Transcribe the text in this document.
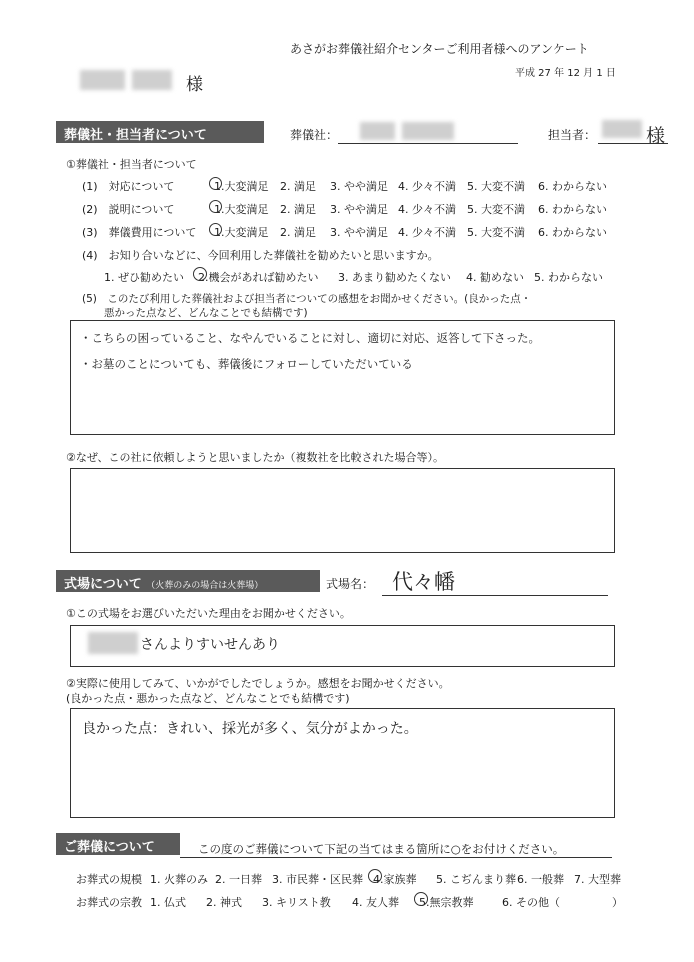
あさがお葬儀社紹介センターご利用者様へのアンケート
平成 27 年 12 月 1 日
様
葬儀社・担当者について	葬儀社：	担当者：	様
①葬儀社・担当者について
(1)　対応について	1.大変満足 2. 満足 3. やや満足 4. 少々不満 5. 大変不満 6. わからない
(2)　説明について	1.大変満足 2. 満足 3. やや満足 4. 少々不満 5. 大変不満 6. わからない
(3)　葬儀費用について 1.大変満足 2. 満足 3. やや満足 4. 少々不満 5. 大変不満 6. わからない
(4)　お知り合いなどに、今回利用した葬儀社を勧めたいと思いますか。
1. ぜひ勧めたい 2.機会があれば勧めたい 3. あまり勧めたくない 4. 勧めない 5. わからない
(5)　このたび利用した葬儀社および担当者についての感想をお聞かせください。(良かった点・
悪かった点など、どんなことでも結構です)
・こちらの困っていること、なやんでいることに対し、適切に対応、返答して下さった。
・お墓のことについても、葬儀後にフォローしていただいている
②なぜ、この社に依頼しようと思いましたか（複数社を比較された場合等）。
式場について （火葬のみの場合は火葬場）	式場名： 代々幡
①この式場をお選びいただいた理由をお聞かせください。
さんよりすいせんあり
②実際に使用してみて、いかがでしたでしょうか。感想をお聞かせください。
(良かった点・悪かった点など、どんなことでも結構です)
良かった点：きれい、採光が多く、気分がよかった。
ご葬儀について	この度のご葬儀について下記の当てはまる箇所に○をお付けください。
お葬式の規模 1. 火葬のみ 2. 一日葬 3. 市民葬・区民葬 4.家族葬 5. こぢんまり葬 6. 一般葬 7. 大型葬
お葬式の宗教 1. 仏式 2. 神式 3. キリスト教 4. 友人葬 5.無宗教葬	6. その他（	）
